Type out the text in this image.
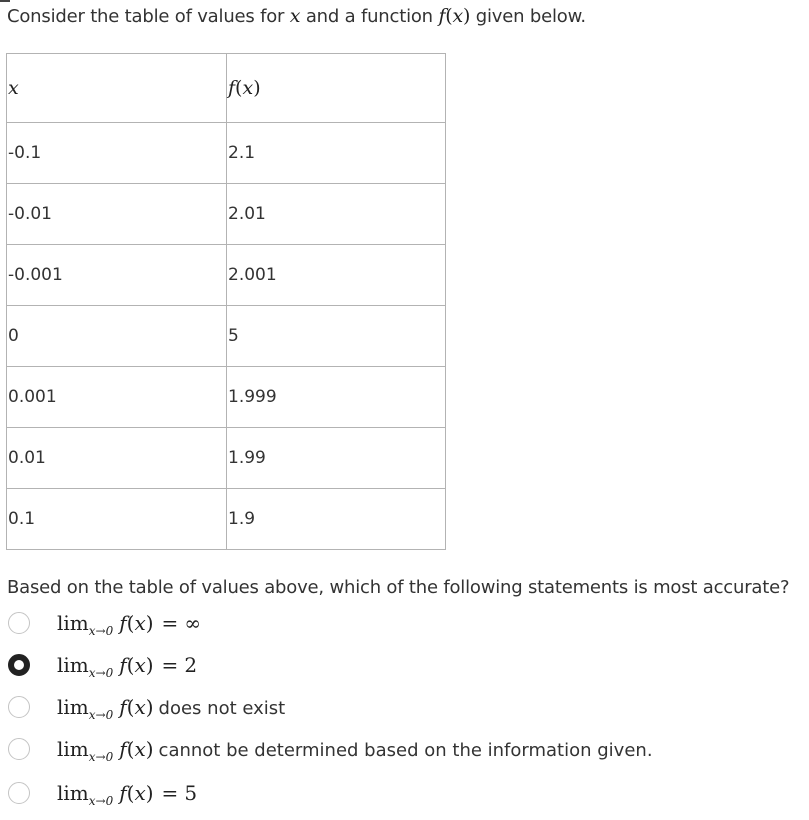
Consider the table of values for x and a function f(x) given below.
x	f(x)
-0.1	2.1
-0.01	2.01
-0.001	2.001
0	5
0.001	1.999
0.01	1.99
0.1	1.9
Based on the table of values above, which of the following statements is most accurate?
lim x→0 f(x) = ∞
lim x→0 f(x) = 2
lim x→0 f(x) does not exist
lim x→0 f(x) cannot be determined based on the information given.
lim x→0 f(x) = 5
